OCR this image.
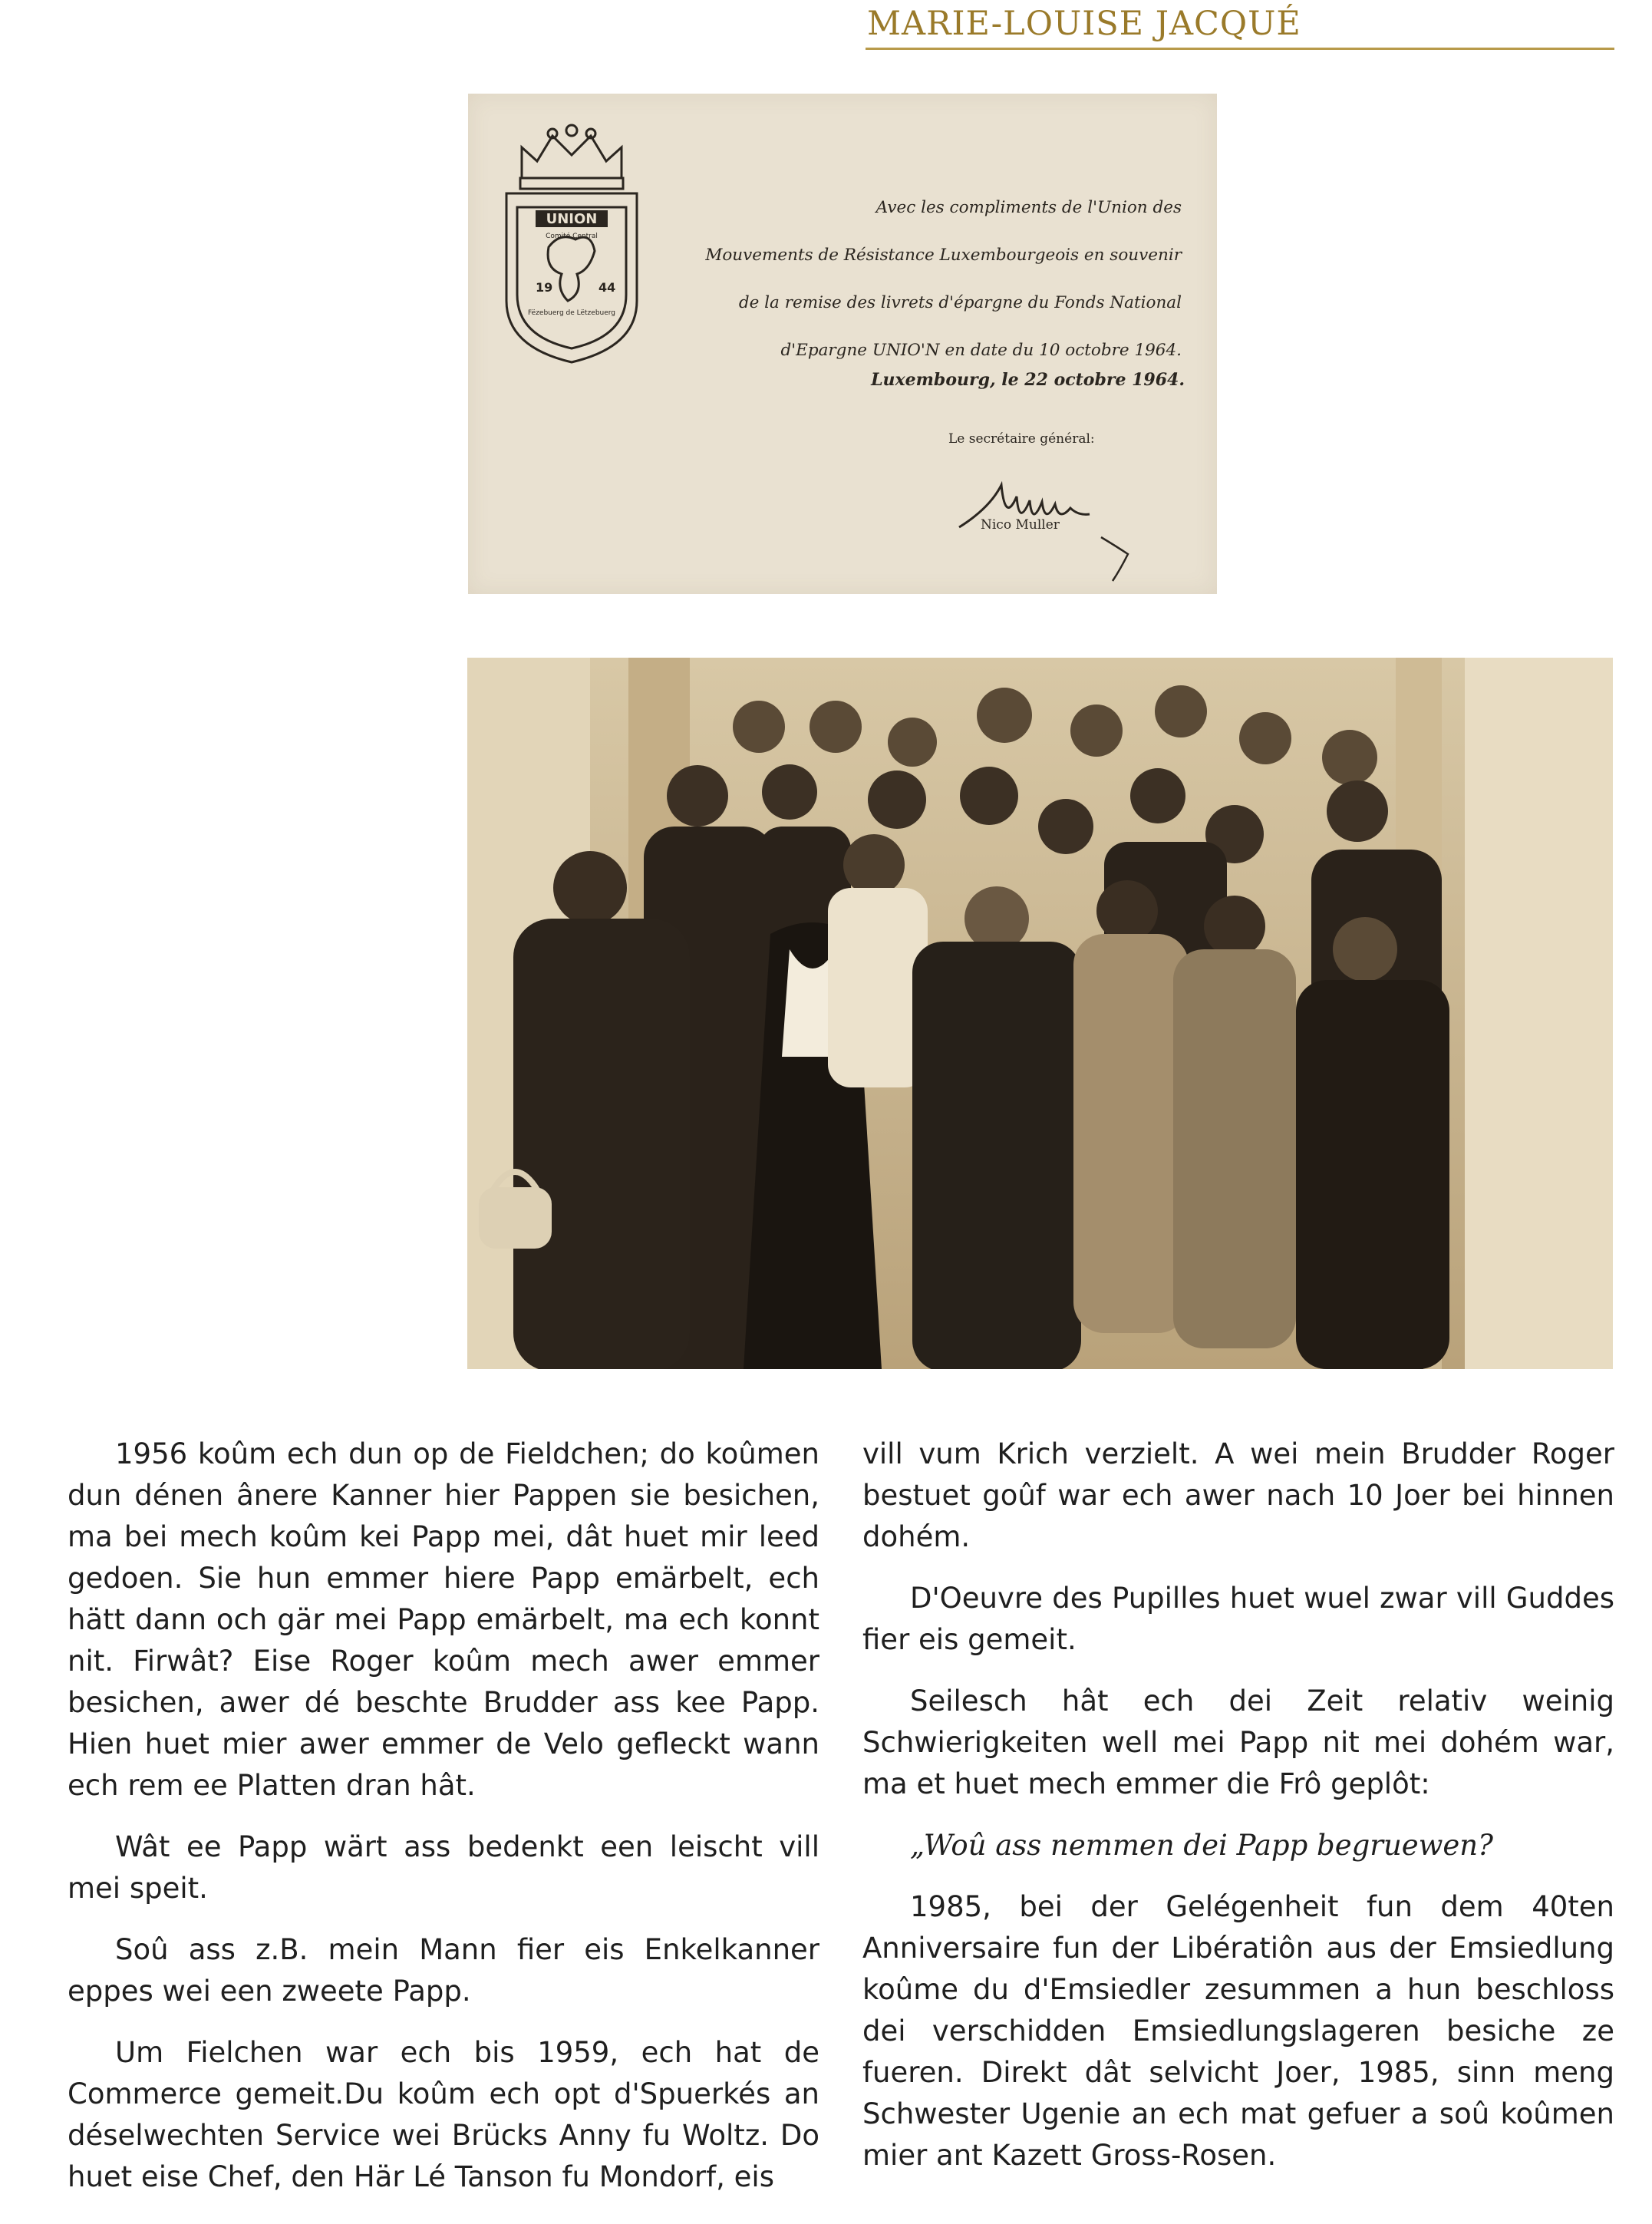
MARIE-LOUISE JACQUÉ
UNION
Comité Central
19	44
Fëzebuerg de Lëtzebuerg

Avec les compliments de l'Union des

Mouvements de Résistance Luxembourgeois en souvenir

de la remise des livrets d'épargne du Fonds National

d'Epargne UNIO'N en date du 10 octobre 1964.

Luxembourg, le 22 octobre 1964.
Le secrétaire général:
Nico Muller

1956 koûm ech dun op de Fieldchen; do koûmen dun dénen ânere Kanner hier Pappen sie besichen, ma bei mech koûm kei Papp mei, dât huet mir leed gedoen. Sie hun emmer hiere Papp emärbelt, ech hätt dann och gär mei Papp emärbelt, ma ech konnt nit. Firwât? Eise Roger koûm mech awer emmer besichen, awer dé beschte Brudder ass kee Papp. Hien huet mier awer emmer de Velo gefleckt wann ech rem ee Platten dran hât.

Wât ee Papp wärt ass bedenkt een leischt vill mei speit.

Soû ass z.B. mein Mann fier eis Enkelkanner eppes wei een zweete Papp.

Um Fielchen war ech bis 1959, ech hat de Commerce gemeit.Du koûm ech opt d'Spuerkés an déselwechten Service wei Brücks Anny fu Woltz. Do huet eise Chef, den Här Lé Tanson fu Mondorf, eis

vill vum Krich verzielt. A wei mein Brudder Roger bestuet goûf war ech awer nach 10 Joer bei hinnen dohém.

D'Oeuvre des Pupilles huet wuel zwar vill Guddes fier eis gemeit.

Seilesch hât ech dei Zeit relativ weinig Schwierigkeiten well mei Papp nit mei dohém war, ma et huet mech emmer die Frô geplôt:

„Woû ass nemmen dei Papp begruewen?

1985, bei der Gelégenheit fun dem 40ten Anniversaire fun der Libératiôn aus der Emsiedlung koûme du d'Emsiedler zesummen a hun beschloss dei verschidden Emsiedlungslageren besiche ze fueren. Direkt dât selvicht Joer, 1985, sinn meng Schwester Ugenie an ech mat gefuer a soû koûmen mier ant Kazett Gross-Rosen.
